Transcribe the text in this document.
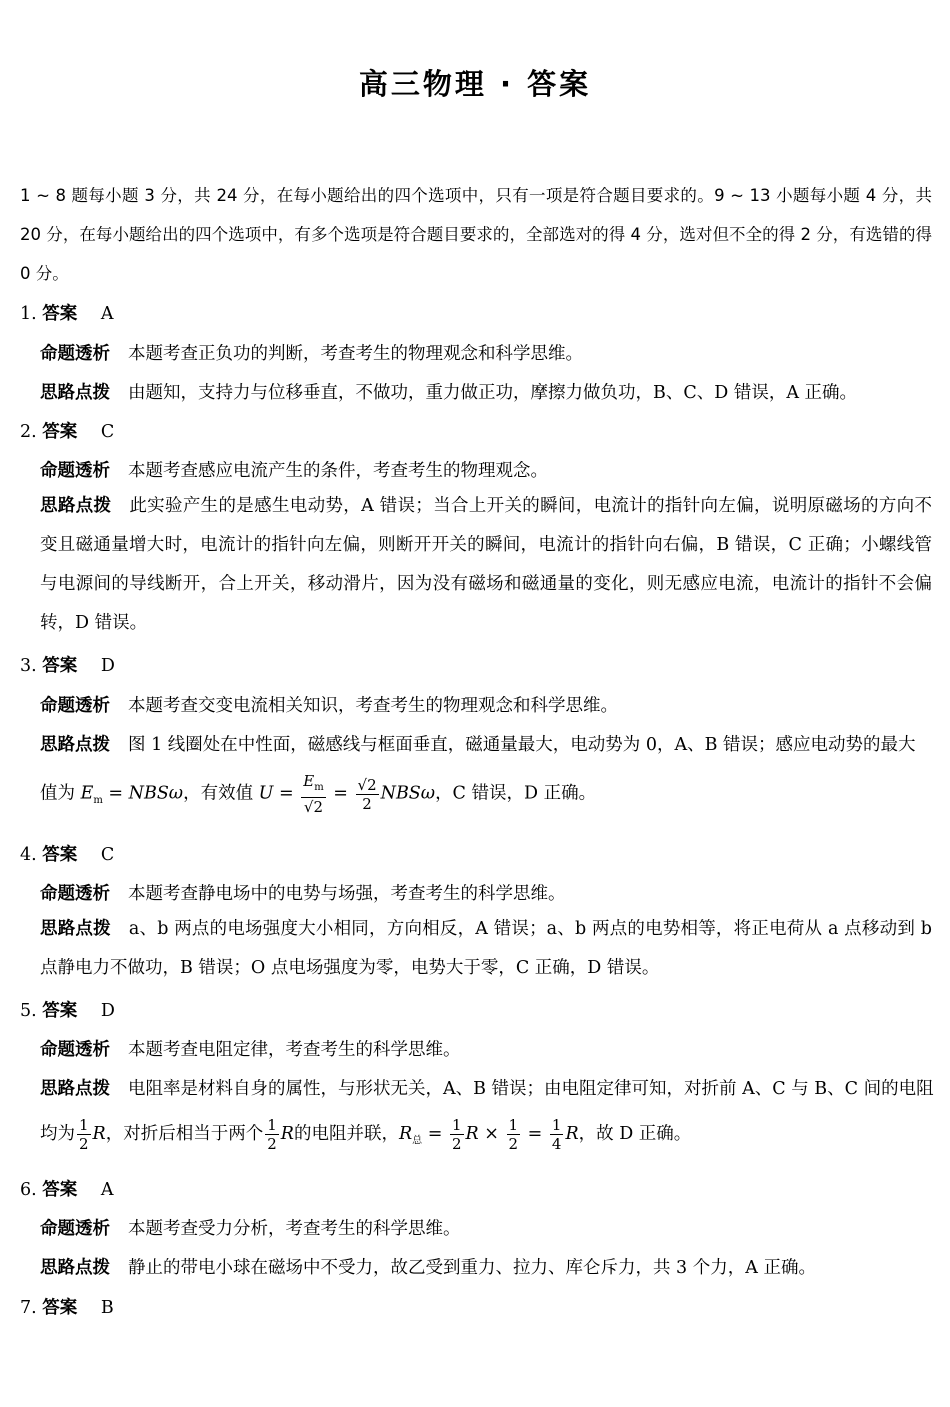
高三物理 · 答案
1 ~ 8 题每小题 3 分，共 24 分，在每小题给出的四个选项中，只有一项是符合题目要求的。9 ~ 13 小题每小题 4 分，共 20 分，在每小题给出的四个选项中，有多个选项是符合题目要求的，全部选对的得 4 分，选对但不全的得 2 分，有选错的得 0 分。
1. 答案 A
命题透析 本题考查正负功的判断，考查考生的物理观念和科学思维。
思路点拨 由题知，支持力与位移垂直，不做功，重力做正功，摩擦力做负功，B、C、D 错误，A 正确。
2. 答案 C
命题透析 本题考查感应电流产生的条件，考查考生的物理观念。
思路点拨 此实验产生的是感生电动势，A 错误；当合上开关的瞬间，电流计的指针向左偏，说明原磁场的方向不变且磁通量增大时，电流计的指针向左偏，则断开开关的瞬间，电流计的指针向右偏，B 错误，C 正确；小螺线管与电源间的导线断开，合上开关，移动滑片，因为没有磁场和磁通量的变化，则无感应电流，电流计的指针不会偏转，D 错误。
3. 答案 D
命题透析 本题考查交变电流相关知识，考查考生的物理观念和科学思维。
思路点拨 图 1 线圈处在中性面，磁感线与框面垂直，磁通量最大，电动势为 0，A、B 错误；感应电动势的最大
值为 $E_m = NBS\omega$，有效值 $U = \frac{E_m}{√2} = \frac{√2}{2}$ NBSω，C 错误，D 正确。
4. 答案 C
命题透析 本题考查静电场中的电势与场强，考查考生的科学思维。
思路点拨 a、b 两点的电场强度大小相同，方向相反，A 错误；a、b 两点的电势相等，将正电荷从 a 点移动到 b 点静电力不做功，B 错误；O 点电场强度为零，电势大于零，C 正确，D 错误。
5. 答案 D
命题透析 本题考查电阻定律，考查考生的科学思维。
思路点拨 电阻率是材料自身的属性，与形状无关，A、B 错误；由电阻定律可知，对折前 A、C 与 B、C 间的电阻
均为 $\frac{1}{2}$ R，对折后相当于两个 $\frac{1}{2}$ R的电阻并联，$R_总 = \frac{1}{2}$ $R \times \frac{1}{2} = \frac{1}{4}$ R，故 D 正确。
6. 答案 A
命题透析 本题考查受力分析，考查考生的科学思维。
思路点拨 静止的带电小球在磁场中不受力，故乙受到重力、拉力、库仑斥力，共 3 个力，A 正确。
7. 答案 B
